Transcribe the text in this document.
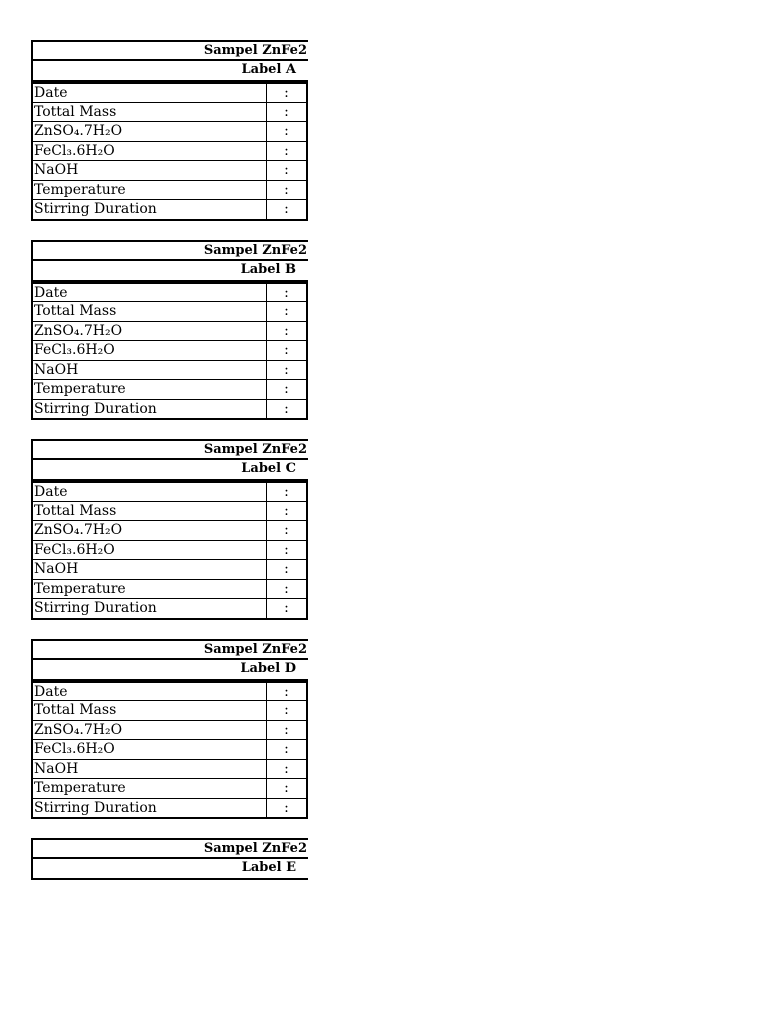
Sampel ZnFe2
Label A
Date	:
Tottal Mass	:
ZnSO₄.7H₂O	:
FeCl₃.6H₂O	:
NaOH	:
Temperature	:
Stirring Duration	:
Sampel ZnFe2
Label B
Date	:
Tottal Mass	:
ZnSO₄.7H₂O	:
FeCl₃.6H₂O	:
NaOH	:
Temperature	:
Stirring Duration	:
Sampel ZnFe2
Label C
Date	:
Tottal Mass	:
ZnSO₄.7H₂O	:
FeCl₃.6H₂O	:
NaOH	:
Temperature	:
Stirring Duration	:
Sampel ZnFe2
Label D
Date	:
Tottal Mass	:
ZnSO₄.7H₂O	:
FeCl₃.6H₂O	:
NaOH	:
Temperature	:
Stirring Duration	:
Sampel ZnFe2
Label E
